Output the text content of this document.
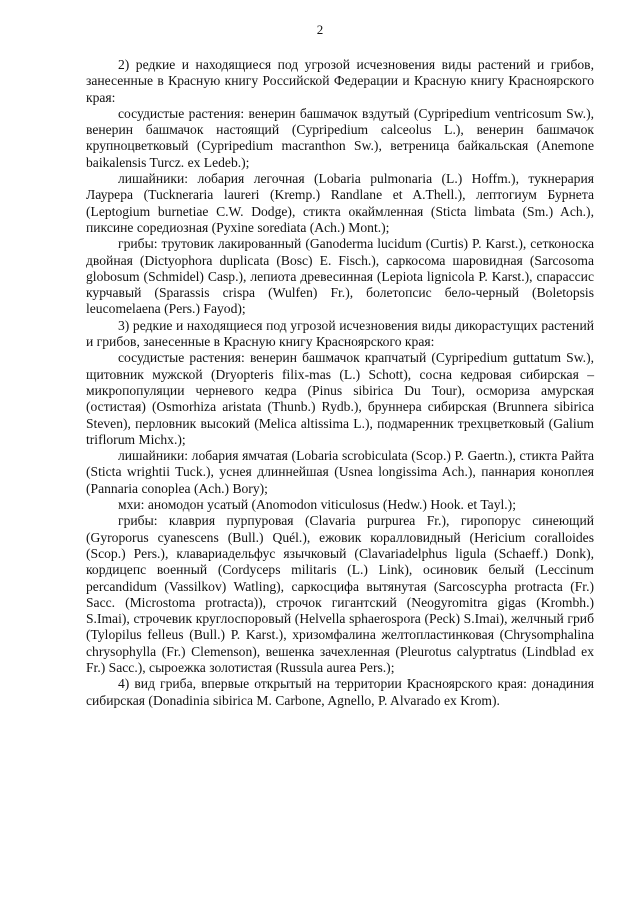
2

2) редкие и находящиеся под угрозой исчезновения виды растений и грибов, занесенные в Красную книгу Российской Федерации и Красную книгу Красноярского края:

сосудистые растения: венерин башмачок вздутый (Cypripedium ventricosum Sw.), венерин башмачок настоящий (Cypripedium calceolus L.), венерин башмачок крупноцветковый (Cypripedium macranthon Sw.), ветреница байкальская (Anemone baikalensis Turcz. ex Ledeb.);

лишайники: лобария легочная (Lobaria pulmonaria (L.) Hoffm.), тукнерария Лаурера (Tuckneraria laureri (Kremp.) Randlane et A.Thell.), лептогиум Бурнета (Leptogium burnetiae C.W. Dodge), стикта окаймленная (Sticta limbata (Sm.) Ach.), пиксине соредиозная (Pyxine sorediata (Ach.) Mont.);

грибы: трутовик лакированный (Ganoderma lucidum (Curtis) P. Karst.), сетконоска двойная (Dictyophora duplicata (Bosc) E. Fisch.), саркосома шаровидная (Sarcosoma globosum (Schmidel) Casp.), лепиота древесинная (Lepiota lignicola P. Karst.), спарассис курчавый (Sparassis crispa (Wulfen) Fr.), болетопсис бело-черный (Boletopsis leucomelaena (Pers.) Fayod);

3) редкие и находящиеся под угрозой исчезновения виды дикорастущих растений и грибов, занесенные в Красную книгу Красноярского края:

сосудистые растения: венерин башмачок крапчатый (Cypripedium guttatum Sw.), щитовник мужской (Dryopteris filix-mas (L.) Schott), сосна кедровая сибирская – микропопуляции черневого кедра (Pinus sibirica Du Tour), осмориза амурская (остистая) (Osmorhiza aristata (Thunb.) Rydb.), бруннера сибирская (Brunnera sibirica Steven), перловник высокий (Melica altissima L.), подмаренник трехцветковый (Galium triflorum Michx.);

лишайники: лобария ямчатая (Lobaria scrobiculata (Scop.) P. Gaertn.), стикта Райта (Sticta wrightii Tuck.), уснея длиннейшая (Usnea longissima Ach.), паннария коноплея (Pannaria conoplea (Ach.) Bory);

мхи: аномодон усатый (Anomodon viticulosus (Hedw.) Hook. et Tayl.);

грибы: клаврия пурпуровая (Clavaria purpurea Fr.), гиропорус синеющий (Gyroporus cyanescens (Bull.) Quél.), ежовик коралловидный (Hericium coralloides (Scop.) Pers.), клавариадельфус язычковый (Clavariadelphus ligula (Schaeff.) Donk), кордицепс военный (Cordyceps militaris (L.) Link), осиновик белый (Leccinum percandidum (Vassilkov) Watling), саркосцифа вытянутая (Sarcoscypha protracta (Fr.) Sacc. (Microstoma protracta)), строчок гигантский (Neogyromitra gigas (Krombh.) S.Imai), строчевик круглоспоровый (Helvella sphaerospora (Peck) S.Imai), желчный гриб (Tylopilus felleus (Bull.) P. Karst.), хризомфалина желтопластинковая (Chrysomphalina chrysophylla (Fr.) Clemenson), вешенка зачехленная (Pleurotus calyptratus (Lindblad ex Fr.) Sacc.), сыроежка золотистая (Russula aurea Pers.);

4) вид гриба, впервые открытый на территории Красноярского края: донадиния сибирская (Donadinia sibirica M. Carbone, Agnello, P. Alvarado ex Krom).
